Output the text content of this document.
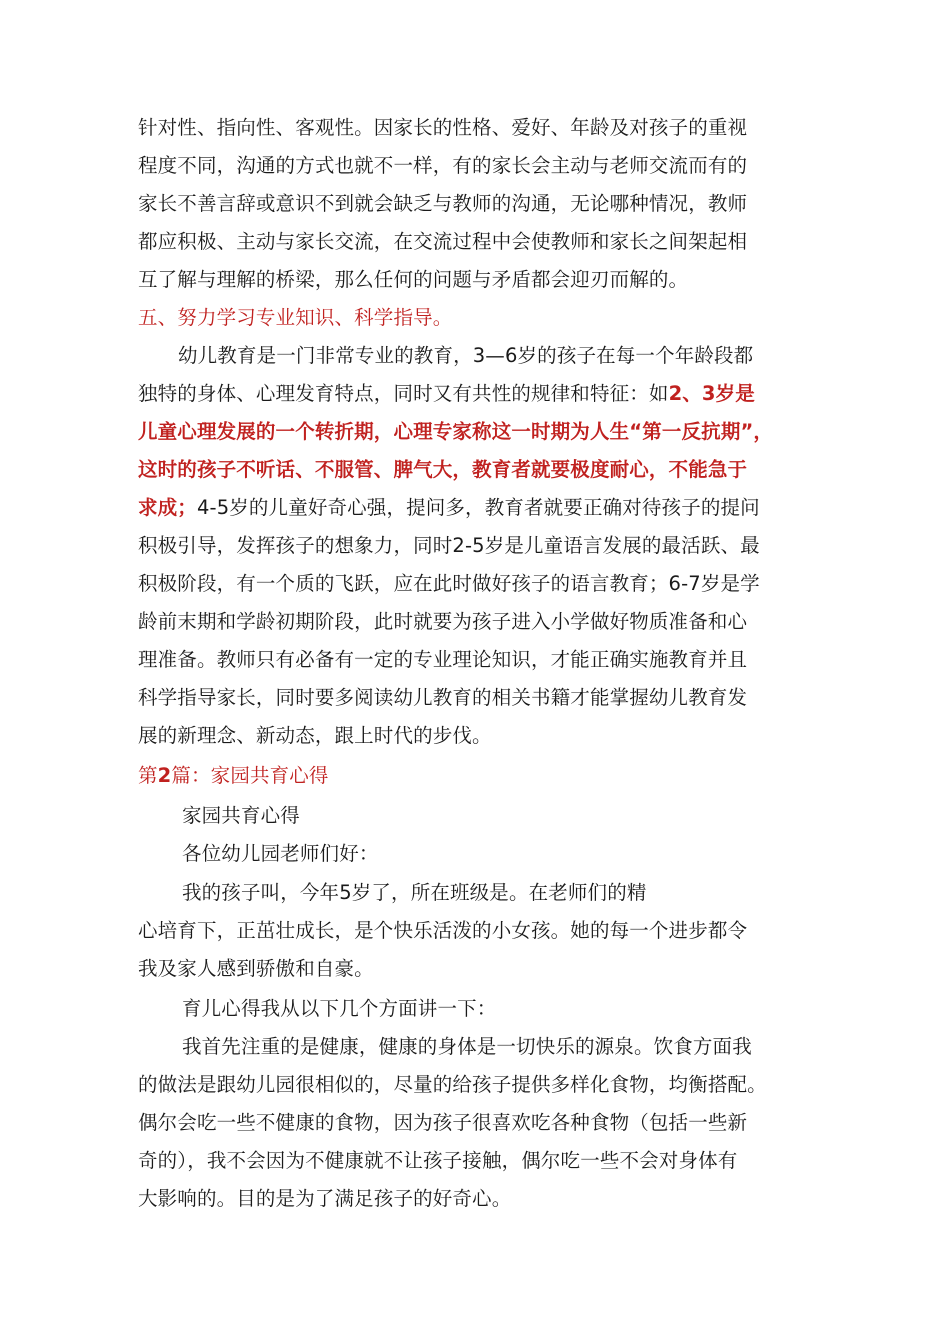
针对性、指向性、客观性。因家长的性格、爱好、年龄及对孩子的重视
程度不同，沟通的方式也就不一样，有的家长会主动与老师交流而有的
家长不善言辞或意识不到就会缺乏与教师的沟通，无论哪种情况，教师
都应积极、主动与家长交流，在交流过程中会使教师和家长之间架起相
互了解与理解的桥梁，那么任何的问题与矛盾都会迎刃而解的。
五、努力学习专业知识、科学指导。
幼儿教育是一门非常专业的教育，3—6岁的孩子在每一个年龄段都
独特的身体、心理发育特点，同时又有共性的规律和特征：如2、3岁是
儿童心理发展的一个转折期，心理专家称这一时期为人生“第一反抗期”，
这时的孩子不听话、不服管、脾气大，教育者就要极度耐心，不能急于
求成；4-5岁的儿童好奇心强，提问多，教育者就要正确对待孩子的提问
积极引导，发挥孩子的想象力，同时2-5岁是儿童语言发展的最活跃、最
积极阶段，有一个质的飞跃，应在此时做好孩子的语言教育；6-7岁是学
龄前末期和学龄初期阶段，此时就要为孩子进入小学做好物质准备和心
理准备。教师只有必备有一定的专业理论知识，才能正确实施教育并且
科学指导家长，同时要多阅读幼儿教育的相关书籍才能掌握幼儿教育发
展的新理念、新动态，跟上时代的步伐。
第2篇：家园共育心得
家园共育心得
各位幼儿园老师们好：
我的孩子叫，今年5岁了，所在班级是。在老师们的精
心培育下，正茁壮成长，是个快乐活泼的小女孩。她的每一个进步都令
我及家人感到骄傲和自豪。
育儿心得我从以下几个方面讲一下：
我首先注重的是健康，健康的身体是一切快乐的源泉。饮食方面我
的做法是跟幼儿园很相似的，尽量的给孩子提供多样化食物，均衡搭配。
偶尔会吃一些不健康的食物，因为孩子很喜欢吃各种食物（包括一些新
奇的），我不会因为不健康就不让孩子接触，偶尔吃一些不会对身体有
大影响的。目的是为了满足孩子的好奇心。
